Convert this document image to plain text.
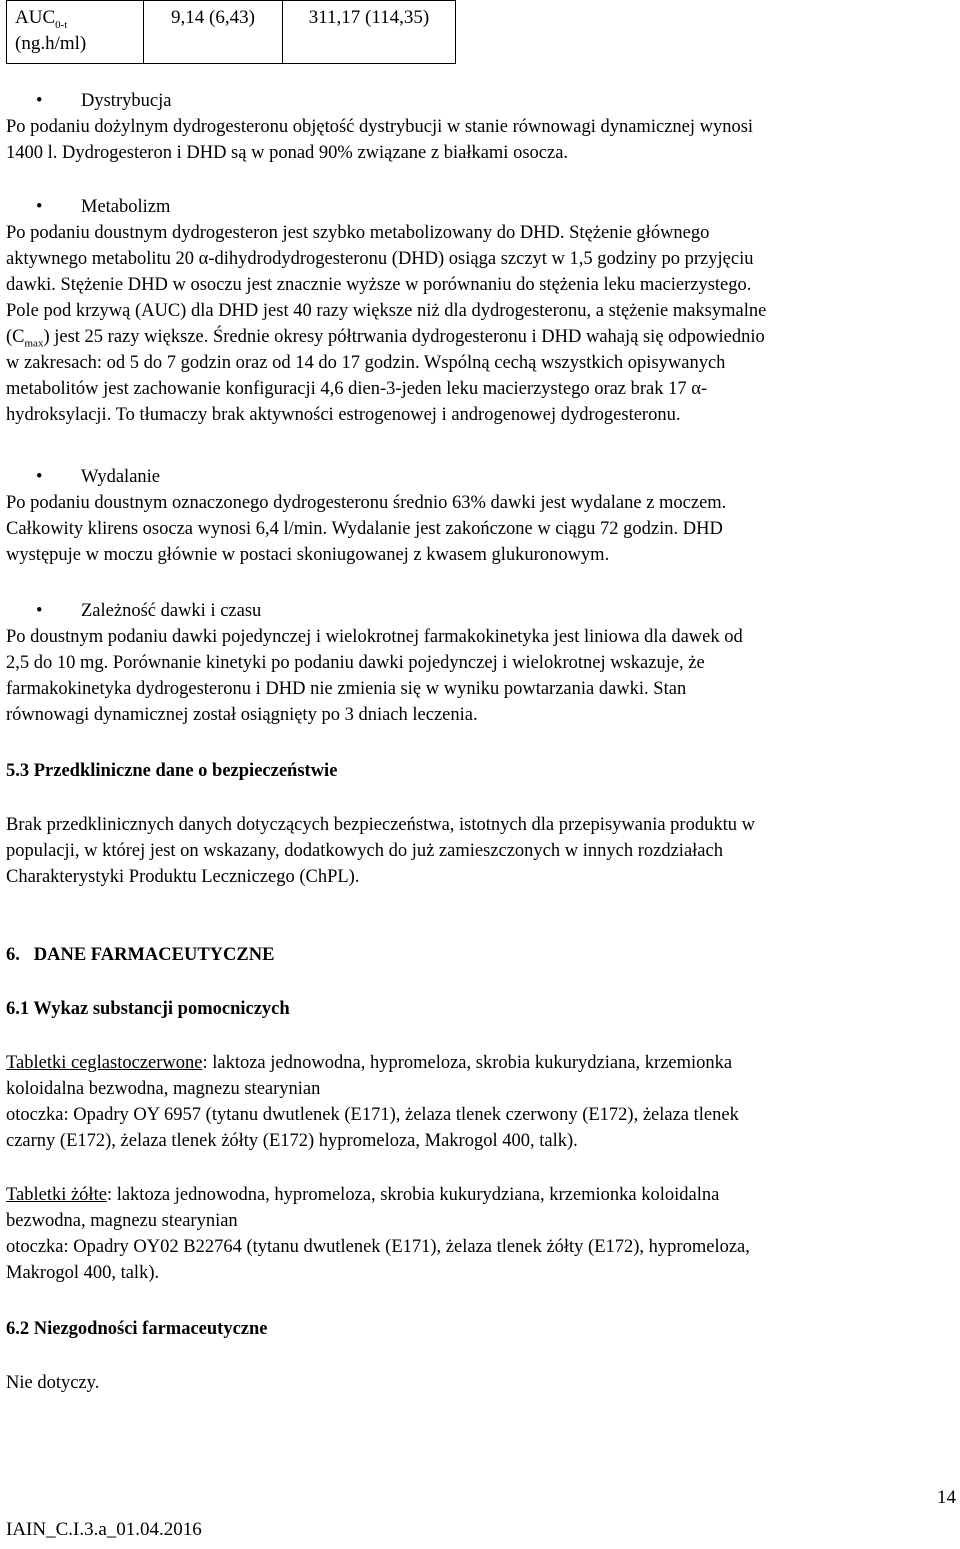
$AUC_{0-t}$
(ng.h/ml)	9,14 (6,43)	311,17 (114,35)
•	Dystrybucja
Po podaniu dożylnym dydrogesteronu objętość dystrybucji w stanie równowagi dynamicznej wynosi
1400 l. Dydrogesteron i DHD są w ponad 90% związane z białkami osocza.
•	Metabolizm
Po podaniu doustnym dydrogesteron jest szybko metabolizowany do DHD. Stężenie głównego
aktywnego metabolitu 20 α-dihydrodydrogesteronu (DHD) osiąga szczyt w 1,5 godziny po przyjęciu
dawki. Stężenie DHD w osoczu jest znacznie wyższe w porównaniu do stężenia leku macierzystego.
Pole pod krzywą (AUC) dla DHD jest 40 razy większe niż dla dydrogesteronu, a stężenie maksymalne
$(C_{max})$ jest 25 razy większe. Średnie okresy półtrwania dydrogesteronu i DHD wahają się odpowiednio
w zakresach: od 5 do 7 godzin oraz od 14 do 17 godzin. Wspólną cechą wszystkich opisywanych
metabolitów jest zachowanie konfiguracji 4,6 dien-3-jeden leku macierzystego oraz brak 17 α-
hydroksylacji. To tłumaczy brak aktywności estrogenowej i androgenowej dydrogesteronu.
•	Wydalanie
Po podaniu doustnym oznaczonego dydrogesteronu średnio 63% dawki jest wydalane z moczem.
Całkowity klirens osocza wynosi 6,4 l/min. Wydalanie jest zakończone w ciągu 72 godzin. DHD
występuje w moczu głównie w postaci skoniugowanej z kwasem glukuronowym.
•	Zależność dawki i czasu
Po doustnym podaniu dawki pojedynczej i wielokrotnej farmakokinetyka jest liniowa dla dawek od
2,5 do 10 mg. Porównanie kinetyki po podaniu dawki pojedynczej i wielokrotnej wskazuje, że
farmakokinetyka dydrogesteronu i DHD nie zmienia się w wyniku powtarzania dawki. Stan
równowagi dynamicznej został osiągnięty po 3 dniach leczenia.
5.3 Przedkliniczne dane o bezpieczeństwie
Brak przedklinicznych danych dotyczących bezpieczeństwa, istotnych dla przepisywania produktu w
populacji, w której jest on wskazany, dodatkowych do już zamieszczonych w innych rozdziałach
Charakterystyki Produktu Leczniczego (ChPL).
6.   DANE FARMACEUTYCZNE
6.1 Wykaz substancji pomocniczych
Tabletki ceglastoczerwone: laktoza jednowodna, hypromeloza, skrobia kukurydziana, krzemionka
koloidalna bezwodna, magnezu stearynian
otoczka: Opadry OY 6957 (tytanu dwutlenek (E171), żelaza tlenek czerwony (E172), żelaza tlenek
czarny (E172), żelaza tlenek żółty (E172) hypromeloza, Makrogol 400, talk).
Tabletki żółte: laktoza jednowodna, hypromeloza, skrobia kukurydziana, krzemionka koloidalna
bezwodna, magnezu stearynian
otoczka: Opadry OY02 B22764 (tytanu dwutlenek (E171), żelaza tlenek żółty (E172), hypromeloza,
Makrogol 400, talk).
6.2 Niezgodności farmaceutyczne
Nie dotyczy.
14
IAIN_C.I.3.a_01.04.2016
